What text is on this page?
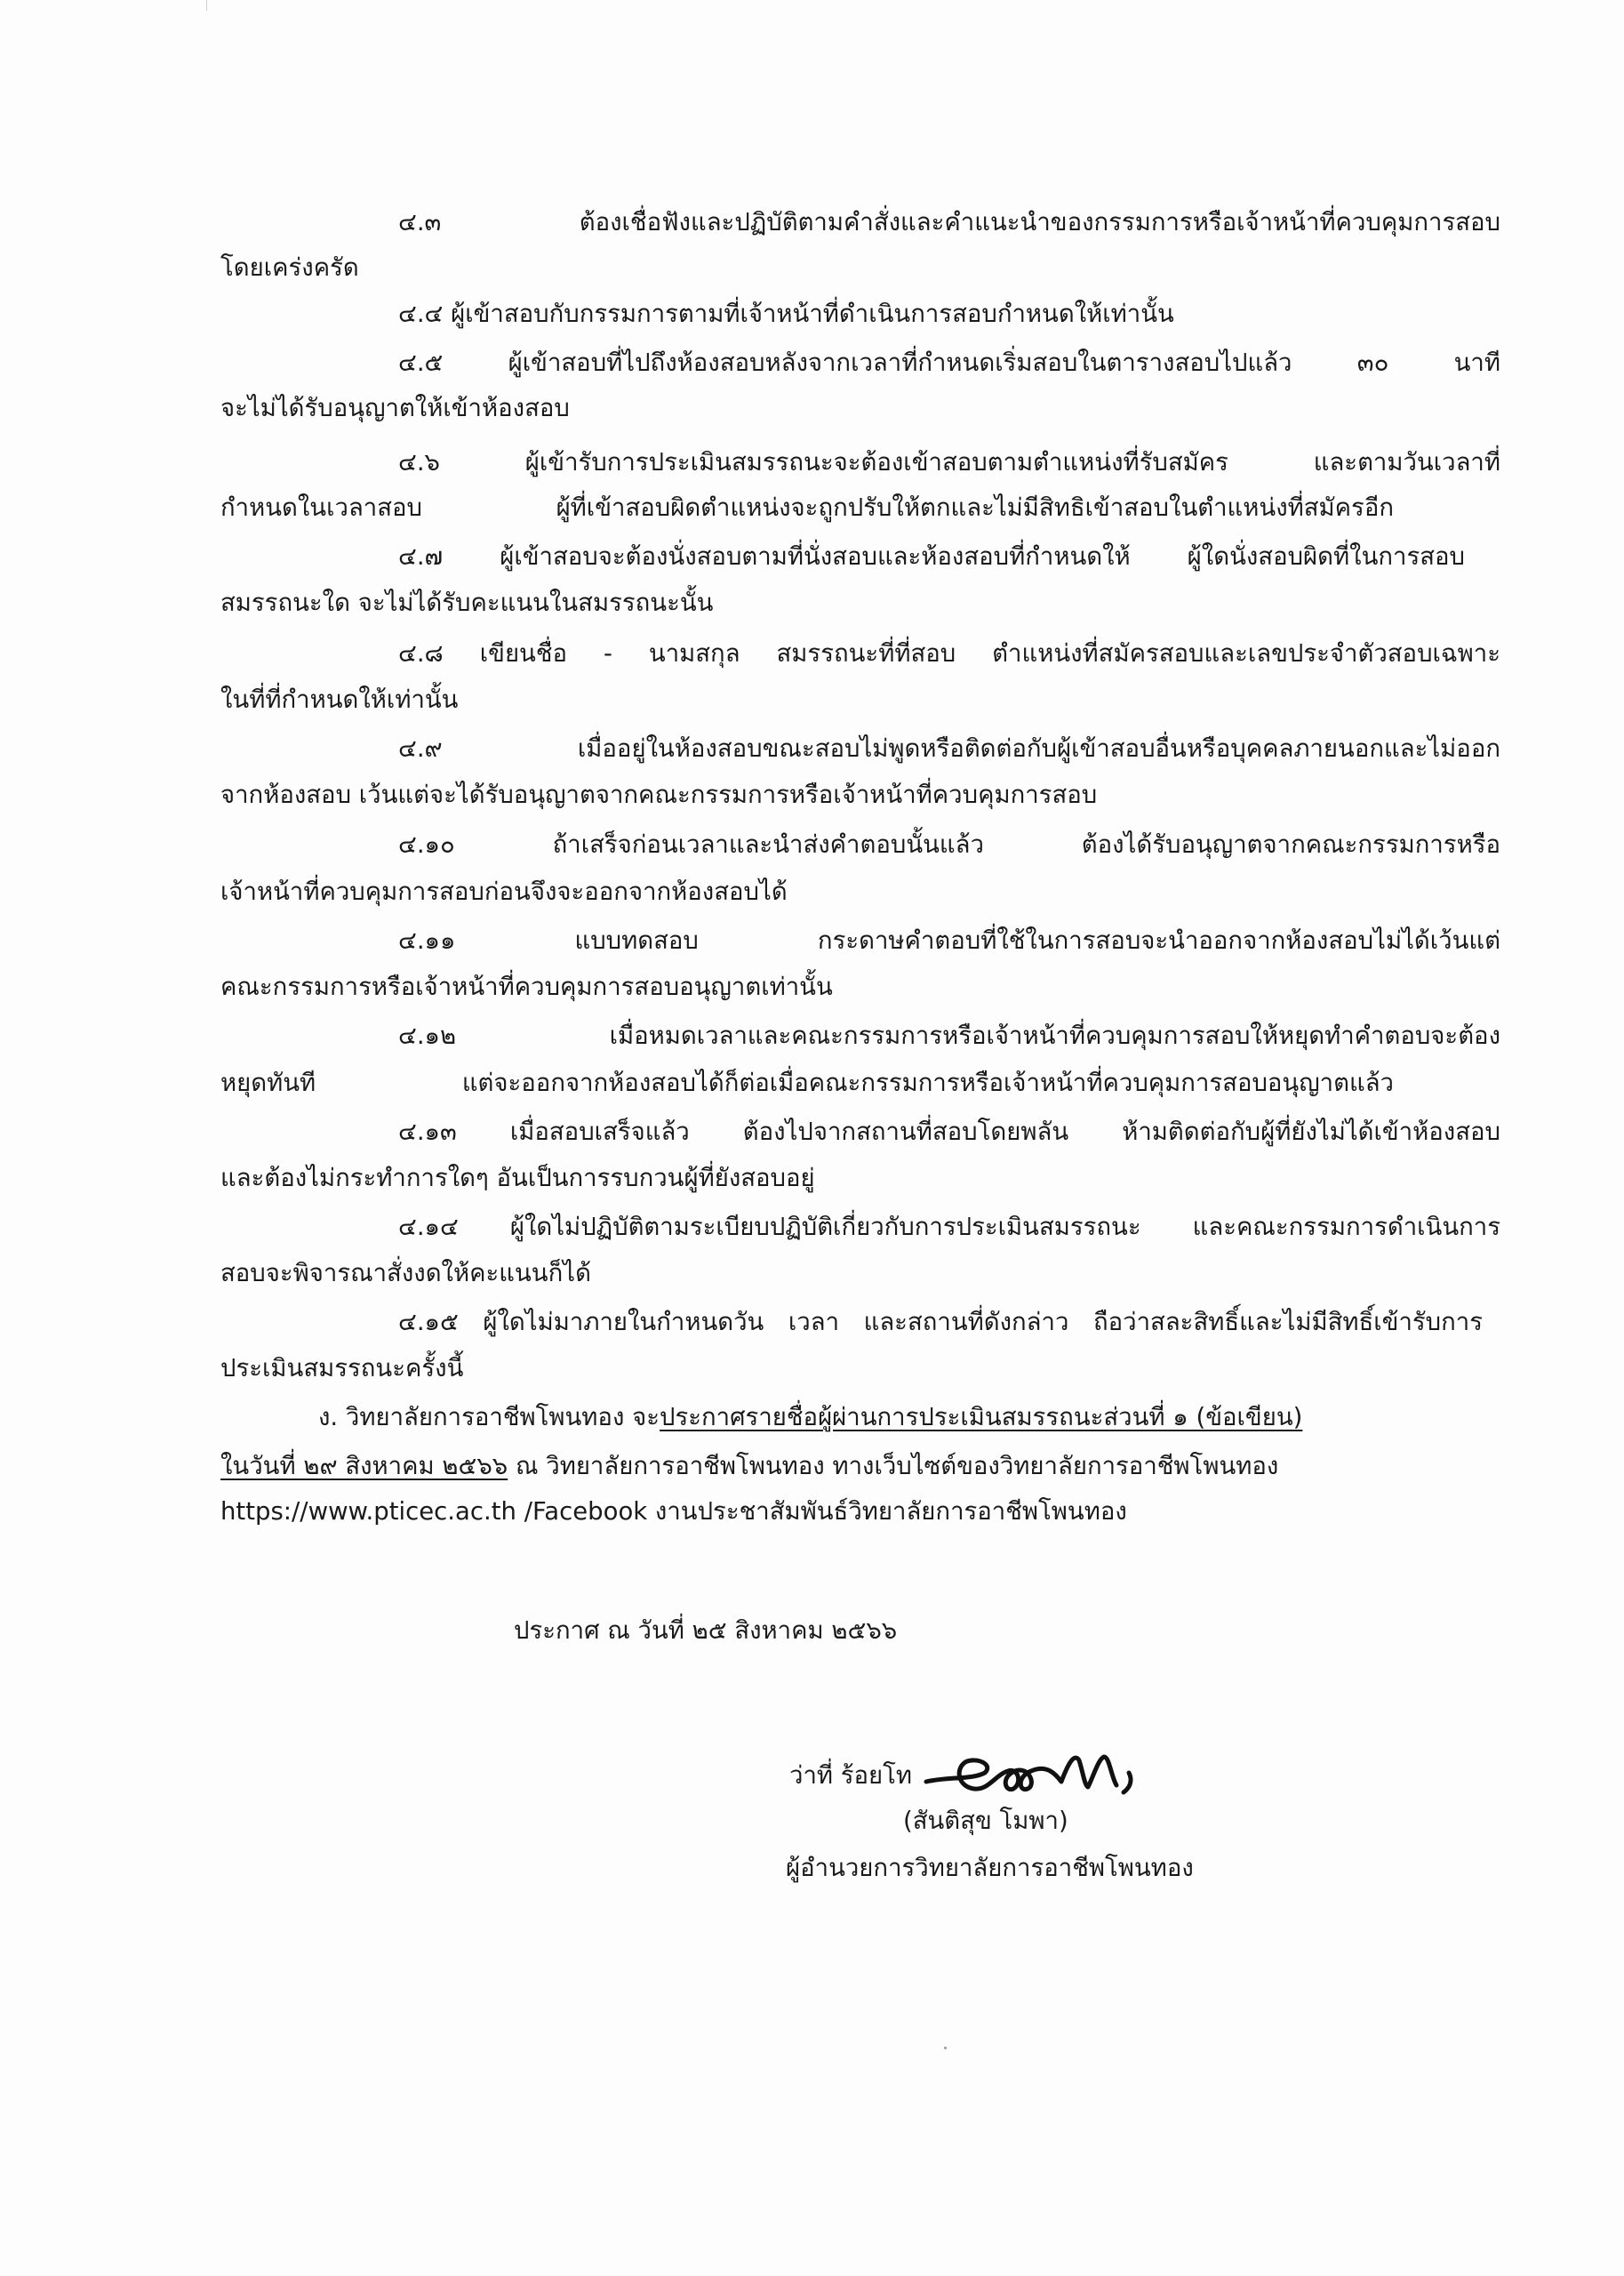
๔.๓ ต้องเชื่อฟังและปฏิบัติตามคำสั่งและคำแนะนำของกรรมการหรือเจ้าหน้าที่ควบคุมการสอบ
โดยเคร่งครัด
๔.๔ ผู้เข้าสอบกับกรรมการตามที่เจ้าหน้าที่ดำเนินการสอบกำหนดให้เท่านั้น
๔.๕ ผู้เข้าสอบที่ไปถึงห้องสอบหลังจากเวลาที่กำหนดเริ่มสอบในตารางสอบไปแล้ว ๓๐ นาที
จะไม่ได้รับอนุญาตให้เข้าห้องสอบ
๔.๖ ผู้เข้ารับการประเมินสมรรถนะจะต้องเข้าสอบตามตำแหน่งที่รับสมัคร และตามวันเวลาที่
กำหนดในเวลาสอบ ผู้ที่เข้าสอบผิดตำแหน่งจะถูกปรับให้ตกและไม่มีสิทธิเข้าสอบในตำแหน่งที่สมัครอีก
๔.๗ ผู้เข้าสอบจะต้องนั่งสอบตามที่นั่งสอบและห้องสอบที่กำหนดให้ ผู้ใดนั่งสอบผิดที่ในการสอบ
สมรรถนะใด จะไม่ได้รับคะแนนในสมรรถนะนั้น
๔.๘ เขียนชื่อ - นามสกุล สมรรถนะที่ที่สอบ ตำแหน่งที่สมัครสอบและเลขประจำตัวสอบเฉพาะ
ในที่ที่กำหนดให้เท่านั้น
๔.๙ เมื่ออยู่ในห้องสอบขณะสอบไม่พูดหรือติดต่อกับผู้เข้าสอบอื่นหรือบุคคลภายนอกและไม่ออก
จากห้องสอบ เว้นแต่จะได้รับอนุญาตจากคณะกรรมการหรือเจ้าหน้าที่ควบคุมการสอบ
๔.๑๐ ถ้าเสร็จก่อนเวลาและนำส่งคำตอบนั้นแล้ว ต้องได้รับอนุญาตจากคณะกรรมการหรือ
เจ้าหน้าที่ควบคุมการสอบก่อนจึงจะออกจากห้องสอบได้
๔.๑๑ แบบทดสอบ กระดาษคำตอบที่ใช้ในการสอบจะนำออกจากห้องสอบไม่ได้เว้นแต่
คณะกรรมการหรือเจ้าหน้าที่ควบคุมการสอบอนุญาตเท่านั้น
๔.๑๒ เมื่อหมดเวลาและคณะกรรมการหรือเจ้าหน้าที่ควบคุมการสอบให้หยุดทำคำตอบจะต้อง
หยุดทันที แต่จะออกจากห้องสอบได้ก็ต่อเมื่อคณะกรรมการหรือเจ้าหน้าที่ควบคุมการสอบอนุญาตแล้ว
๔.๑๓ เมื่อสอบเสร็จแล้ว ต้องไปจากสถานที่สอบโดยพลัน ห้ามติดต่อกับผู้ที่ยังไม่ได้เข้าห้องสอบ
และต้องไม่กระทำการใดๆ อันเป็นการรบกวนผู้ที่ยังสอบอยู่
๔.๑๔ ผู้ใดไม่ปฏิบัติตามระเบียบปฏิบัติเกี่ยวกับการประเมินสมรรถนะ และคณะกรรมการดำเนินการ
สอบจะพิจารณาสั่งงดให้คะแนนก็ได้
๔.๑๕ ผู้ใดไม่มาภายในกำหนดวัน เวลา และสถานที่ดังกล่าว ถือว่าสละสิทธิ์และไม่มีสิทธิ์เข้ารับการ
ประเมินสมรรถนะครั้งนี้
ง. วิทยาลัยการอาชีพโพนทอง จะประกาศรายชื่อผู้ผ่านการประเมินสมรรถนะส่วนที่ ๑ (ข้อเขียน)
ในวันที่ ๒๙ สิงหาคม ๒๕๖๖ ณ วิทยาลัยการอาชีพโพนทอง ทางเว็บไซต์ของวิทยาลัยการอาชีพโพนทอง
https://www.pticec.ac.th /Facebook งานประชาสัมพันธ์วิทยาลัยการอาชีพโพนทอง
ประกาศ ณ วันที่ ๒๕ สิงหาคม ๒๕๖๖
ว่าที่ ร้อยโท
(สันติสุข โมพา)
ผู้อำนวยการวิทยาลัยการอาชีพโพนทอง
